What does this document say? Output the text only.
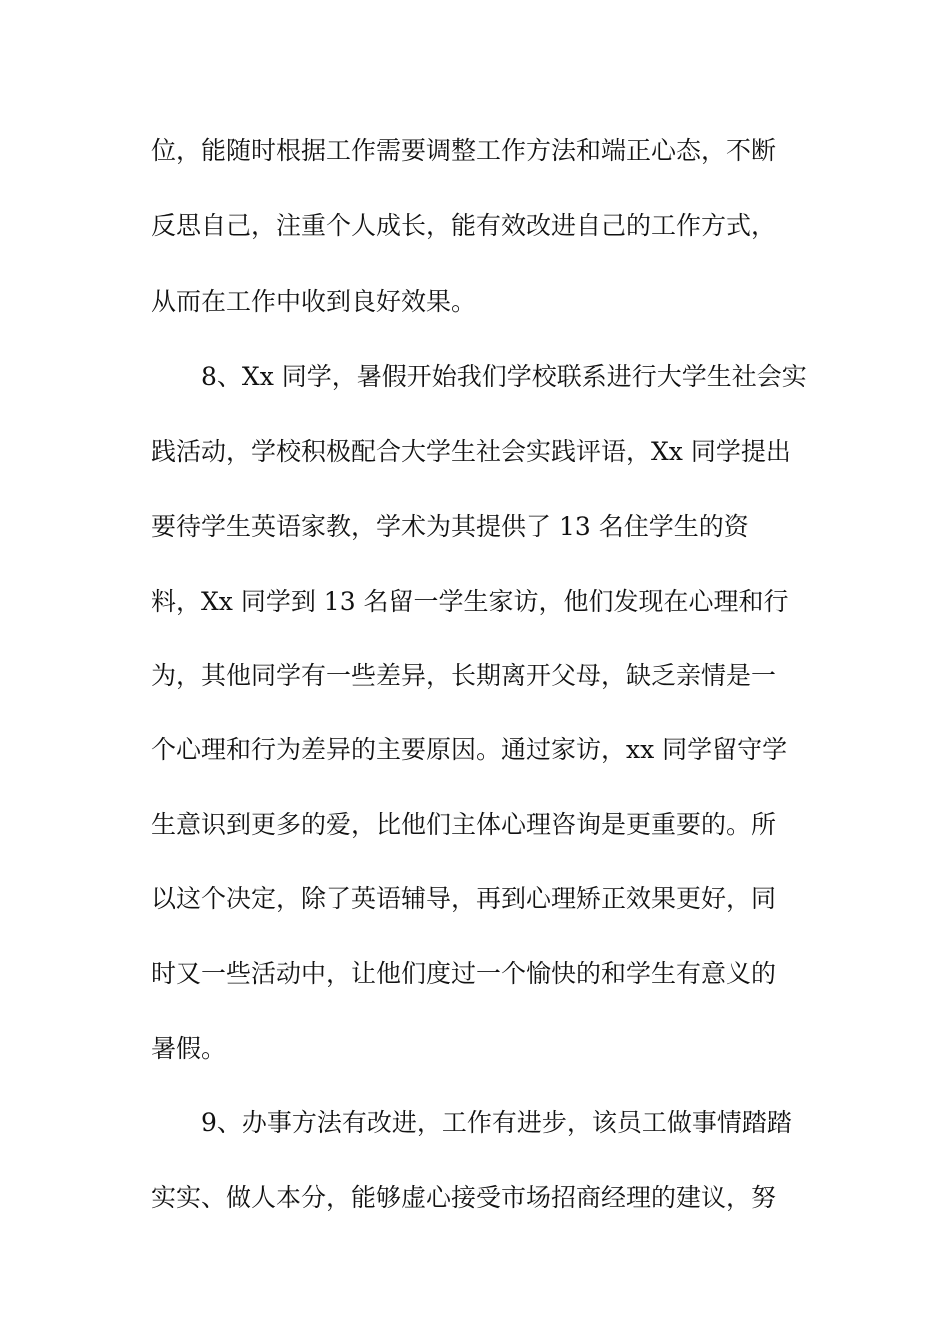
位，能随时根据工作需要调整工作方法和端正心态，不断
反思自己，注重个人成长，能有效改进自己的工作方式，
从而在工作中收到良好效果。
　　8、Xx 同学，暑假开始我们学校联系进行大学生社会实
践活动，学校积极配合大学生社会实践评语，Xx 同学提出
要待学生英语家教，学术为其提供了 13 名住学生的资
料，Xx 同学到 13 名留一学生家访，他们发现在心理和行
为，其他同学有一些差异，长期离开父母，缺乏亲情是一
个心理和行为差异的主要原因。通过家访，xx 同学留守学
生意识到更多的爱，比他们主体心理咨询是更重要的。所
以这个决定，除了英语辅导，再到心理矫正效果更好，同
时又一些活动中，让他们度过一个愉快的和学生有意义的
暑假。
　　9、办事方法有改进，工作有进步，该员工做事情踏踏
实实、做人本分，能够虚心接受市场招商经理的建议，努
